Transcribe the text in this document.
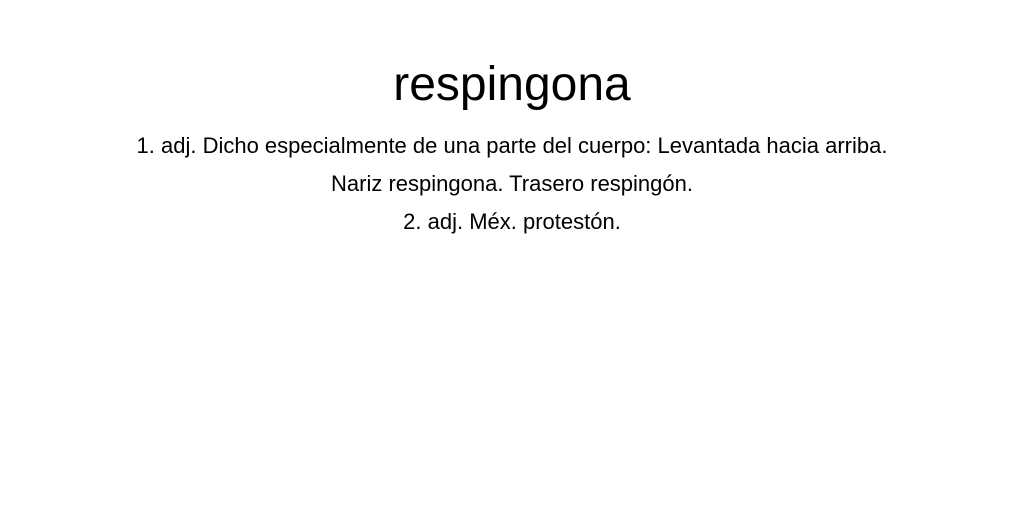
respingona
1. adj. Dicho especialmente de una parte del cuerpo: Levantada hacia arriba.
Nariz respingona. Trasero respingón.
2. adj. Méx. protestón.
